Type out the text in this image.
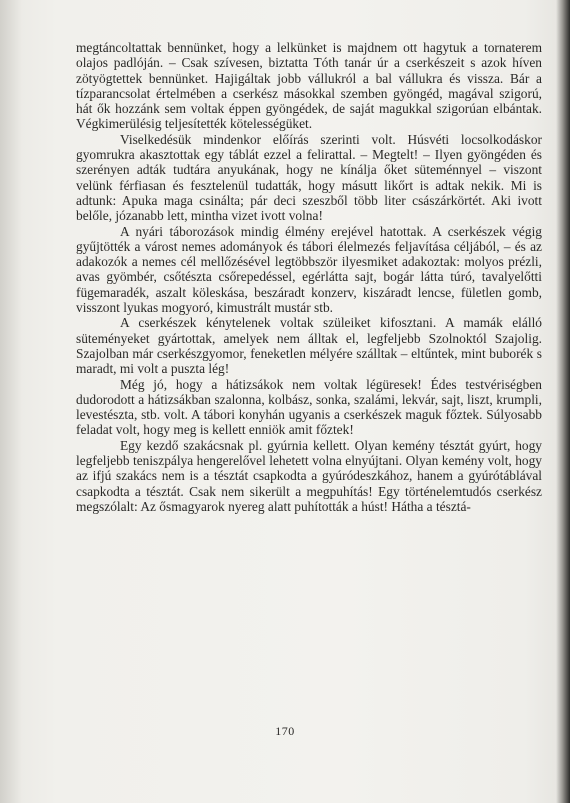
megtáncoltattak bennünket, hogy a lelkünket is majdnem ott hagytuk a tornaterem olajos padlóján. – Csak szívesen, biztatta Tóth tanár úr a cserkészeit s azok híven zötyögtettek bennünket. Hajigáltak jobb vállukról a bal vállukra és vissza. Bár a tízparancsolat értelmében a cserkész másokkal szemben gyöngéd, magával szigorú, hát ők hozzánk sem voltak éppen gyöngédek, de saját magukkal szigorúan elbántak. Végkimerülésig teljesítették kötelességüket.

Viselkedésük mindenkor előírás szerinti volt. Húsvéti locsolkodáskor gyomrukra akasztottak egy táblát ezzel a felirattal. – Megtelt! – Ilyen gyöngéden és szerényen adták tudtára anyukának, hogy ne kínálja őket süteménnyel – viszont velünk férfiasan és fesztelenül tudatták, hogy másutt likőrt is adtak nekik. Mi is adtunk: Apuka maga csinálta; pár deci szeszből több liter császárkörtét. Aki ivott belőle, józanabb lett, mintha vizet ivott volna!

A nyári táborozások mindig élmény erejével hatottak. A cserkészek végig gyűjtötték a várost nemes adományok és tábori élelmezés feljavítása céljából, – és az adakozók a nemes cél mellőzésével legtöbbször ilyesmiket adakoztak: molyos prézli, avas gyömbér, csőtészta csőrepedéssel, egérlátta sajt, bogár látta túró, tavalyelőtti fügemaradék, aszalt köleskása, beszáradt konzerv, kiszáradt lencse, fületlen gomb, visszont lyukas mogyoró, kimustrált mustár stb.

A cserkészek kénytelenek voltak szüleiket kifosztani. A mamák elálló süteményeket gyártottak, amelyek nem álltak el, legfeljebb Szolnoktól Szajolig. Szajolban már cserkészgyomor, feneketlen mélyére szálltak – eltűntek, mint buborék s maradt, mi volt a puszta lég!

Még jó, hogy a hátizsákok nem voltak légüresek! Édes testvériségben dudorodott a hátizsákban szalonna, kolbász, sonka, szalámi, lekvár, sajt, liszt, krumpli, levestészta, stb. volt. A tábori konyhán ugyanis a cserkészek maguk főztek. Súlyosabb feladat volt, hogy meg is kellett enniök amit főztek!

Egy kezdő szakácsnak pl. gyúrnia kellett. Olyan kemény tésztát gyúrt, hogy legfeljebb teniszpálya hengerelővel lehetett volna elnyújtani. Olyan kemény volt, hogy az ifjú szakács nem is a tésztát csapkodta a gyúródeszkához, hanem a gyúrótáblával csapkodta a tésztát. Csak nem sikerült a megpuhítás! Egy történelemtudós cserkész megszólalt: Az ősmagyarok nyereg alatt puhították a húst! Hátha a tésztá-

170
